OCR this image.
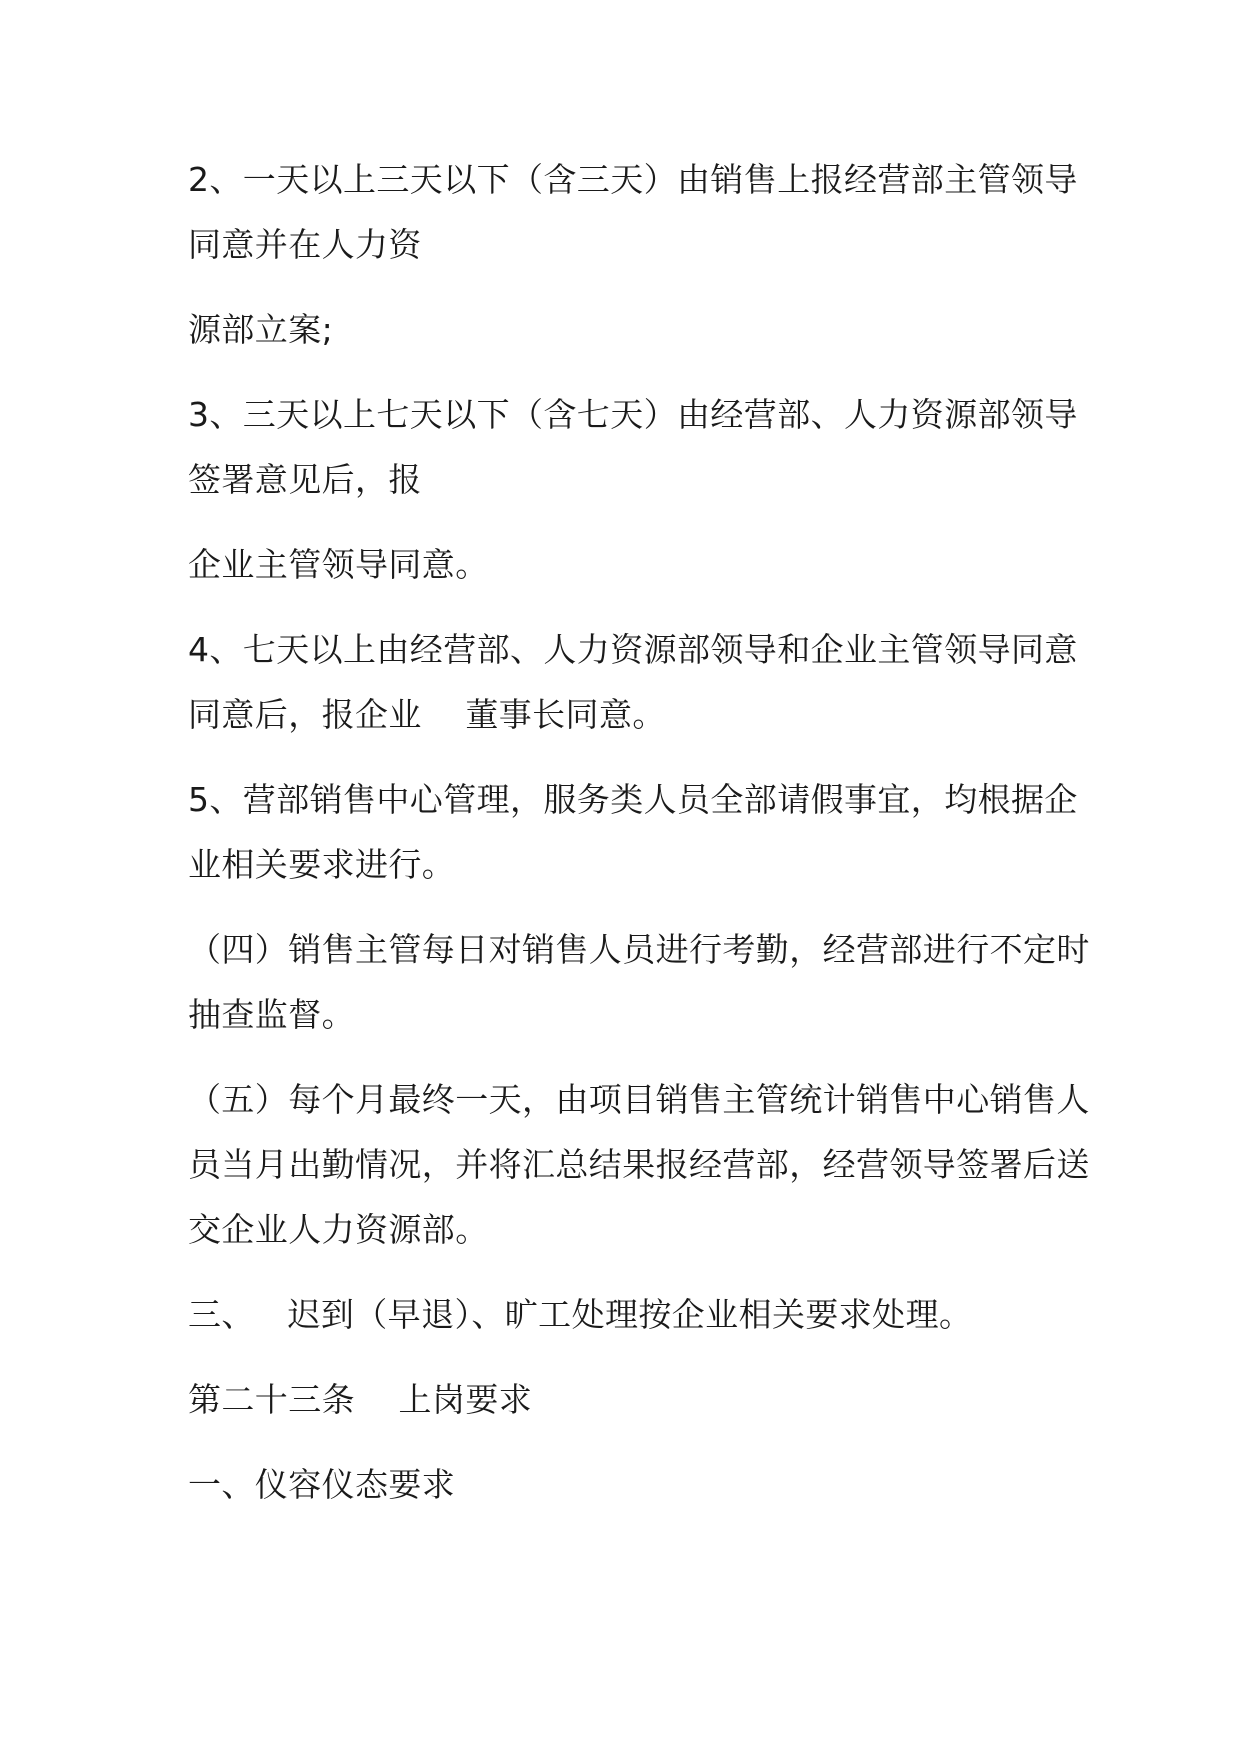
2、一天以上三天以下（含三天）由销售上报经营部主管领导
同意并在人力资
源部立案;
3、三天以上七天以下（含七天）由经营部、人力资源部领导
签署意见后，报
企业主管领导同意。
4、七天以上由经营部、人力资源部领导和企业主管领导同意
同意后，报企业    董事长同意。
5、营部销售中心管理，服务类人员全部请假事宜，均根据企
业相关要求进行。
（四）销售主管每日对销售人员进行考勤，经营部进行不定时
抽查监督。
（五）每个月最终一天，由项目销售主管统计销售中心销售人
员当月出勤情况，并将汇总结果报经营部，经营领导签署后送
交企业人力资源部。
三、   迟到（早退）、旷工处理按企业相关要求处理。
第二十三条    上岗要求
一、仪容仪态要求
